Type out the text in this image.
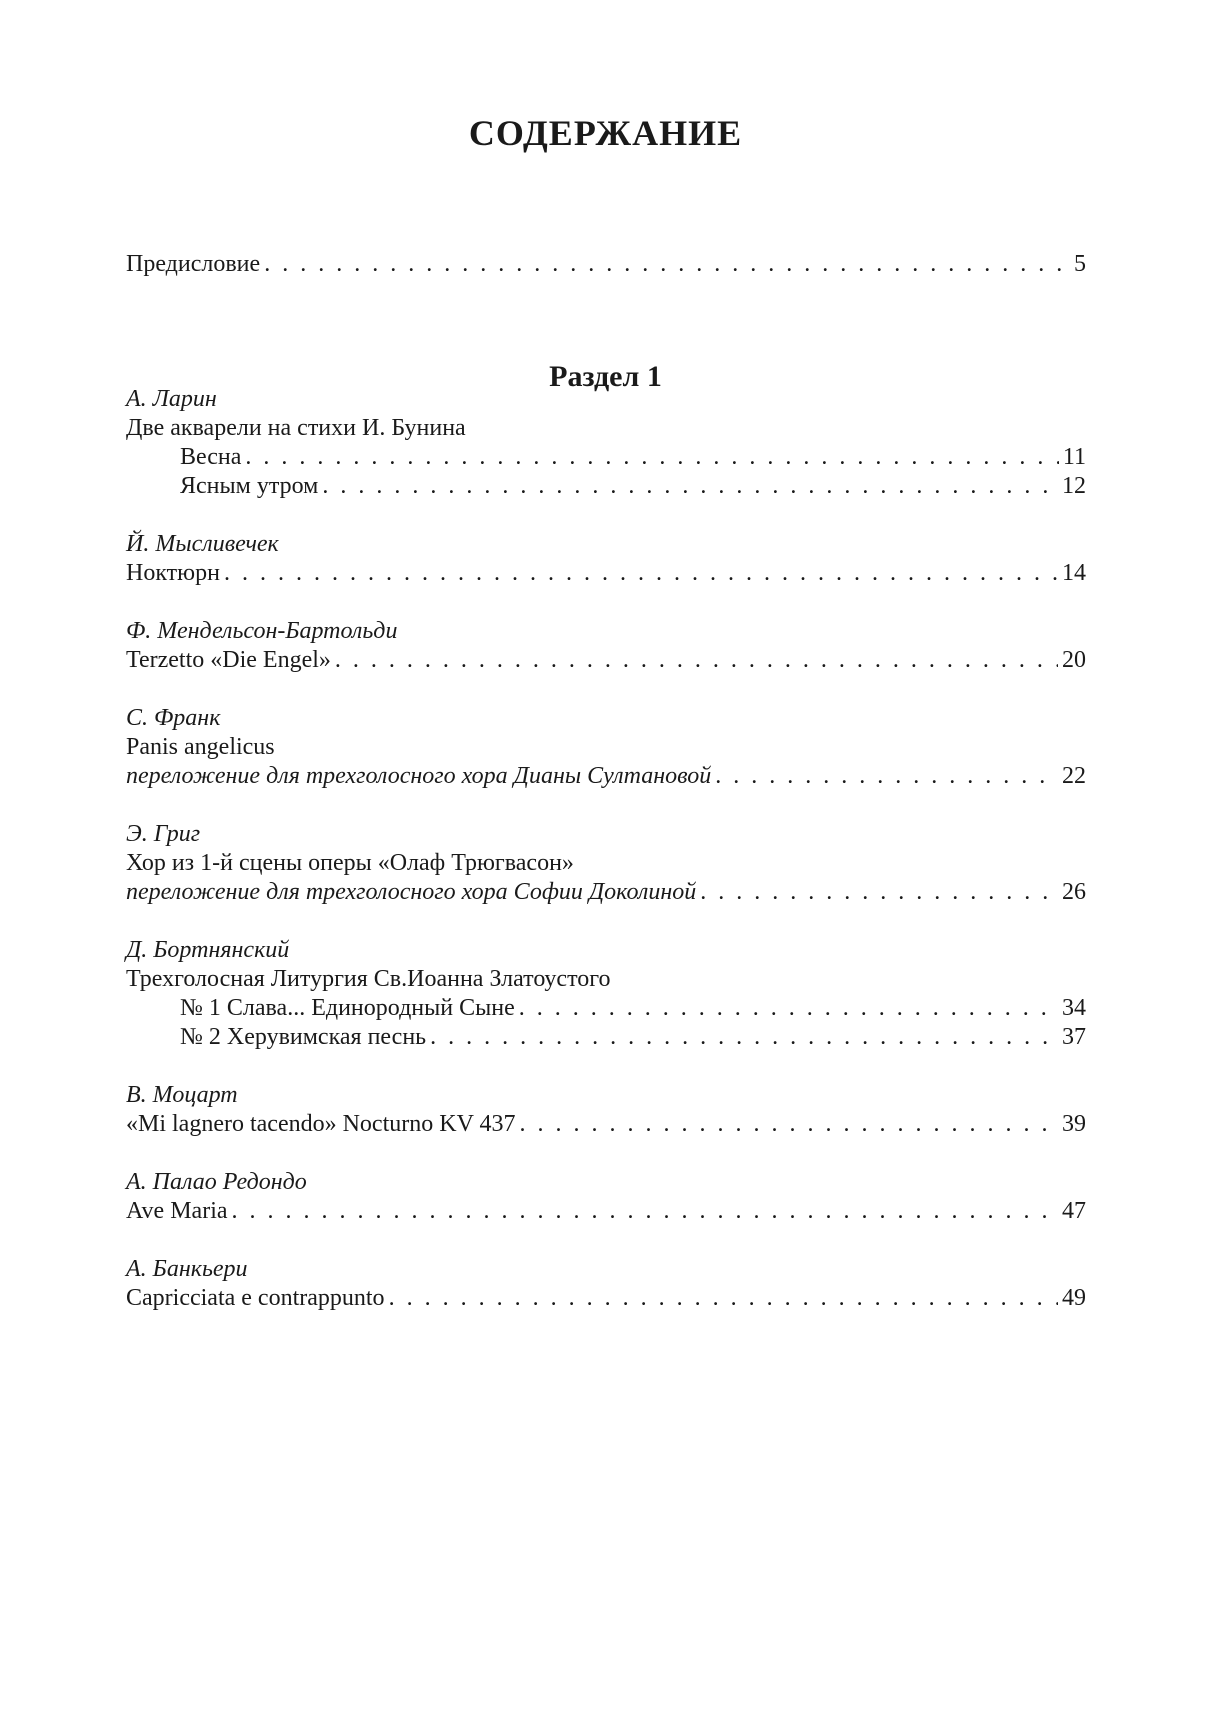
СОДЕРЖАНИЕ
Предисловие . . .	5
Раздел 1
А. Ларин
Две акварели на стихи И. Бунина
Весна . . .	11
Ясным утром . . .	12
Й. Мысливечек
Ноктюрн . . .	14
Ф. Мендельсон-Бартольди
Terzetto «Die Engel» . . .	20
С. Франк
Panis angelicus
переложение для трехголосного хора Дианы Султановой . . .	22
Э. Григ
Хор из 1-й сцены оперы «Олаф Трюгвасон»
переложение для трехголосного хора Софии Доколиной . . .	26
Д. Бортнянский
Трехголосная Литургия Св.Иоанна Златоустого
№ 1 Слава... Единородный Сыне . . .	34
№ 2 Херувимская песнь . . .	37
В. Моцарт
«Mi lagnero tacendo» Nocturno KV 437 . . .	39
А. Палао Редондо
Ave Maria . . .	47
А. Банкьери
Capricciata e contrappunto . . .	49
